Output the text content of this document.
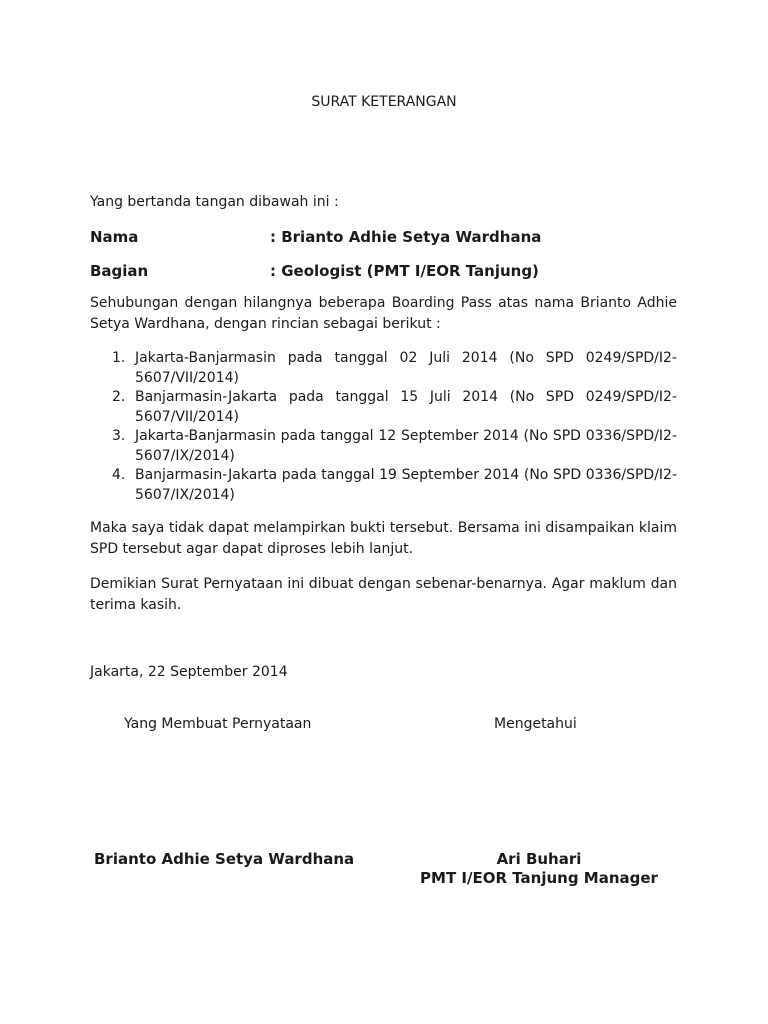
SURAT KETERANGAN
Yang bertanda tangan dibawah ini :
Nama	: Brianto Adhie Setya Wardhana
Bagian	: Geologist (PMT I/EOR Tanjung)
Sehubungan dengan hilangnya beberapa Boarding Pass atas nama Brianto Adhie Setya Wardhana, dengan rincian sebagai berikut :
1. Jakarta-Banjarmasin pada tanggal 02 Juli 2014 (No SPD 0249/SPD/I2-5607/VII/2014)
2. Banjarmasin-Jakarta pada tanggal 15 Juli 2014 (No SPD 0249/SPD/I2-5607/VII/2014)
3. Jakarta-Banjarmasin pada tanggal 12 September 2014 (No SPD 0336/SPD/I2-5607/IX/2014)
4. Banjarmasin-Jakarta pada tanggal 19 September 2014 (No SPD 0336/SPD/I2-5607/IX/2014)
Maka saya tidak dapat melampirkan bukti tersebut. Bersama ini disampaikan klaim SPD tersebut agar dapat diproses lebih lanjut.
Demikian Surat Pernyataan ini dibuat dengan sebenar-benarnya. Agar maklum dan terima kasih.
Jakarta, 22 September 2014
Yang Membuat Pernyataan	Mengetahui
Brianto Adhie Setya Wardhana	Ari Buhari
PMT I/EOR Tanjung Manager
